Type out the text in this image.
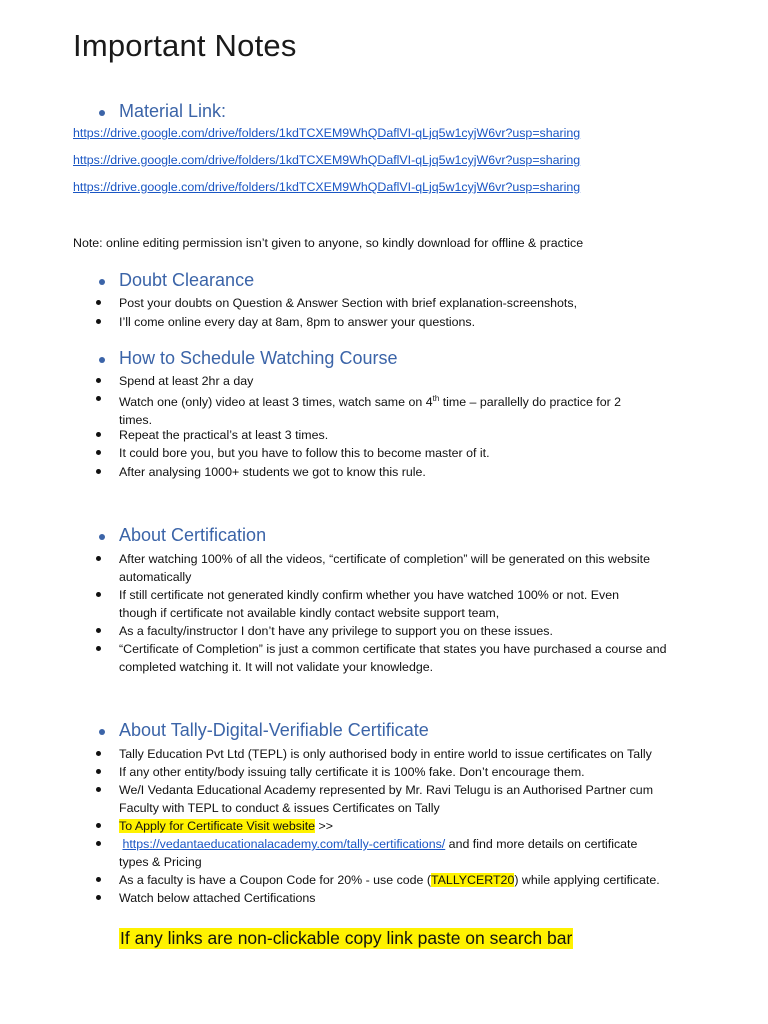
Important Notes
Material Link:
https://drive.google.com/drive/folders/1kdTCXEM9WhQDaflVI-qLjq5w1cyjW6vr?usp=sharing
https://drive.google.com/drive/folders/1kdTCXEM9WhQDaflVI-qLjq5w1cyjW6vr?usp=sharing
https://drive.google.com/drive/folders/1kdTCXEM9WhQDaflVI-qLjq5w1cyjW6vr?usp=sharing
Note: online editing permission isn’t given to anyone, so kindly download for offline & practice
Doubt Clearance
Post your doubts on Question & Answer Section with brief explanation-screenshots,
I’ll come online every day at 8am, 8pm to answer your questions.
How to Schedule Watching Course
Spend at least 2hr a day
Watch one (only) video at least 3 times, watch same on 4th time – parallelly do practice for 2 times.
Repeat the practical’s at least 3 times.
It could bore you, but you have to follow this to become master of it.
After analysing 1000+ students we got to know this rule.
About Certification
After watching 100% of all the videos, “certificate of completion” will be generated on this website automatically
If still certificate not generated kindly confirm whether you have watched 100% or not. Even though if certificate not available kindly contact website support team,
As a faculty/instructor I don’t have any privilege to support you on these issues.
“Certificate of Completion” is just a common certificate that states you have purchased a course and completed watching it. It will not validate your knowledge.
About Tally-Digital-Verifiable Certificate
Tally Education Pvt Ltd (TEPL) is only authorised body in entire world to issue certificates on Tally
If any other entity/body issuing tally certificate it is 100% fake. Don’t encourage them.
We/I Vedanta Educational Academy represented by Mr. Ravi Telugu is an Authorised Partner cum Faculty with TEPL to conduct & issues Certificates on Tally
To Apply for Certificate Visit website >>
https://vedantaeducationalacademy.com/tally-certifications/ and find more details on certificate types & Pricing
As a faculty is have a Coupon Code for 20% - use code (TALLYCERT20) while applying certificate.
Watch below attached Certifications
If any links are non-clickable copy link paste on search bar
